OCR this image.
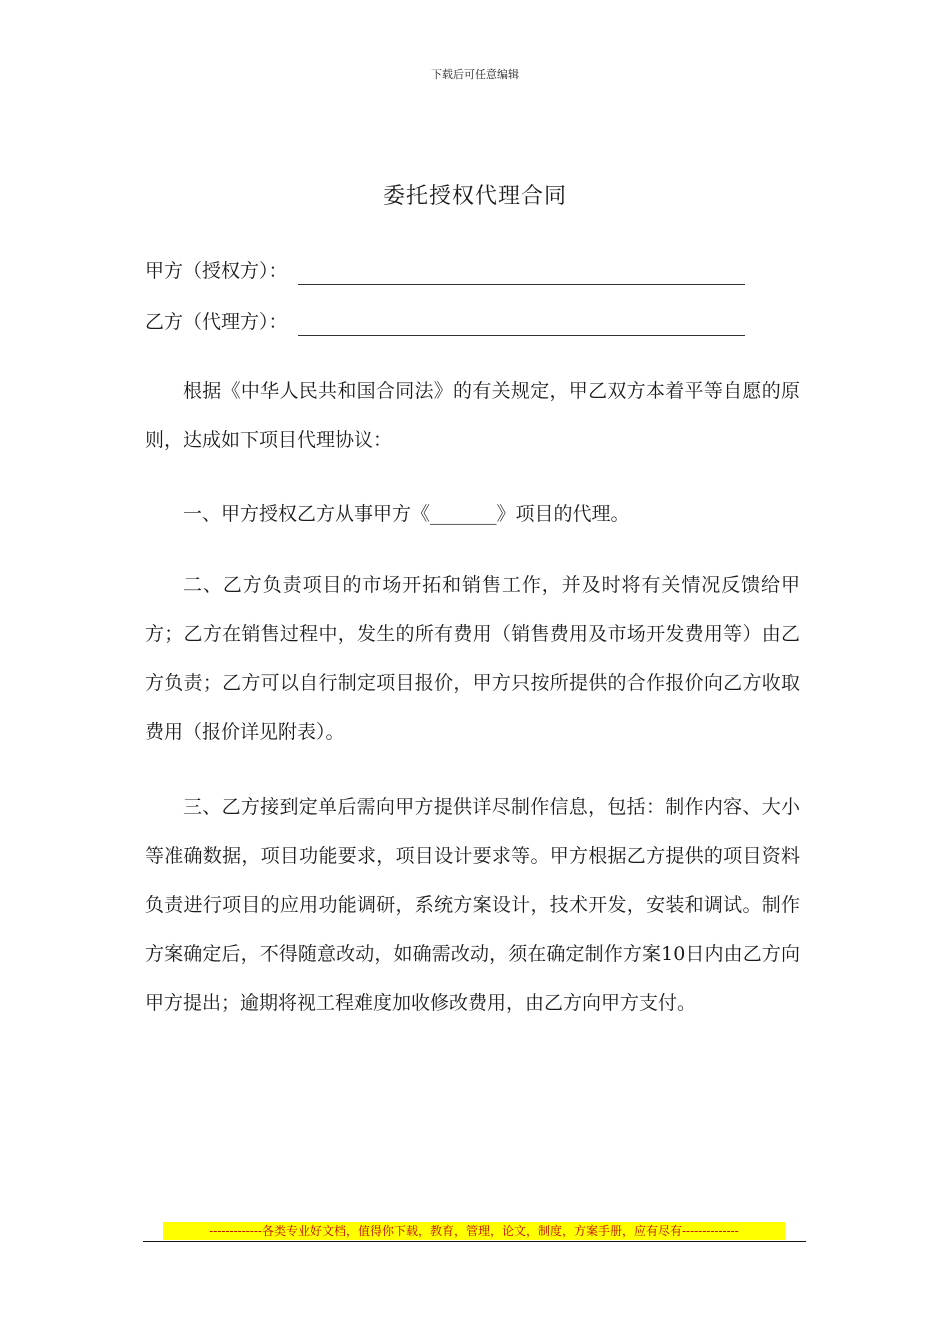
下载后可任意编辑
委托授权代理合同
甲方（授权方）：
乙方（代理方）：

根据《中华人民共和国合同法》的有关规定，甲乙双方本着平等自愿的原则，达成如下项目代理协议：

一、甲方授权乙方从事甲方《_______》项目的代理。

二、乙方负责项目的市场开拓和销售工作，并及时将有关情况反馈给甲方；乙方在销售过程中，发生的所有费用（销售费用及市场开发费用等）由乙方负责；乙方可以自行制定项目报价，甲方只按所提供的合作报价向乙方收取费用（报价详见附表）。

三、乙方接到定单后需向甲方提供详尽制作信息，包括：制作内容、大小等准确数据，项目功能要求，项目设计要求等。甲方根据乙方提供的项目资料负责进行项目的应用功能调研，系统方案设计，技术开发，安装和调试。制作方案确定后，不得随意改动，如确需改动，须在确定制作方案10日内由乙方向甲方提出；逾期将视工程难度加收修改费用，由乙方向甲方支付。

-------------各类专业好文档，值得你下载，教育，管理，论文，制度，方案手册，应有尽有--------------
